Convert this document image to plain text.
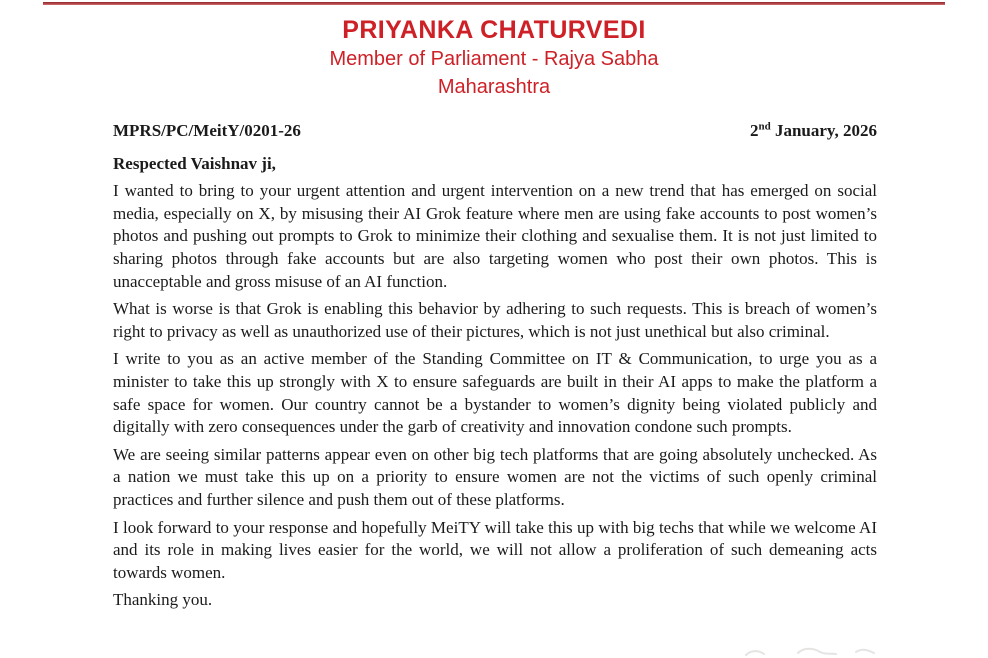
PRIYANKA CHATURVEDI
Member of Parliament - Rajya Sabha
Maharashtra
MPRS/PC/MeitY/0201-26	2nd January, 2026

Respected Vaishnav ji,

I wanted to bring to your urgent attention and urgent intervention on a new trend that has emerged on social media, especially on X, by misusing their AI Grok feature where men are using fake accounts to post women’s photos and pushing out prompts to Grok to minimize their clothing and sexualise them. It is not just limited to sharing photos through fake accounts but are also targeting women who post their own photos. This is unacceptable and gross misuse of an AI function.

What is worse is that Grok is enabling this behavior by adhering to such requests. This is breach of women’s right to privacy as well as unauthorized use of their pictures, which is not just unethical but also criminal.

I write to you as an active member of the Standing Committee on IT & Communication, to urge you as a minister to take this up strongly with X to ensure safeguards are built in their AI apps to make the platform a safe space for women. Our country cannot be a bystander to women’s dignity being violated publicly and digitally with zero consequences under the garb of creativity and innovation condone such prompts.

We are seeing similar patterns appear even on other big tech platforms that are going absolutely unchecked. As a nation we must take this up on a priority to ensure women are not the victims of such openly criminal practices and further silence and push them out of these platforms.

I look forward to your response and hopefully MeiTY will take this up with big techs that while we welcome AI and its role in making lives easier for the world, we will not allow a proliferation of such demeaning acts towards women.

Thanking you.
